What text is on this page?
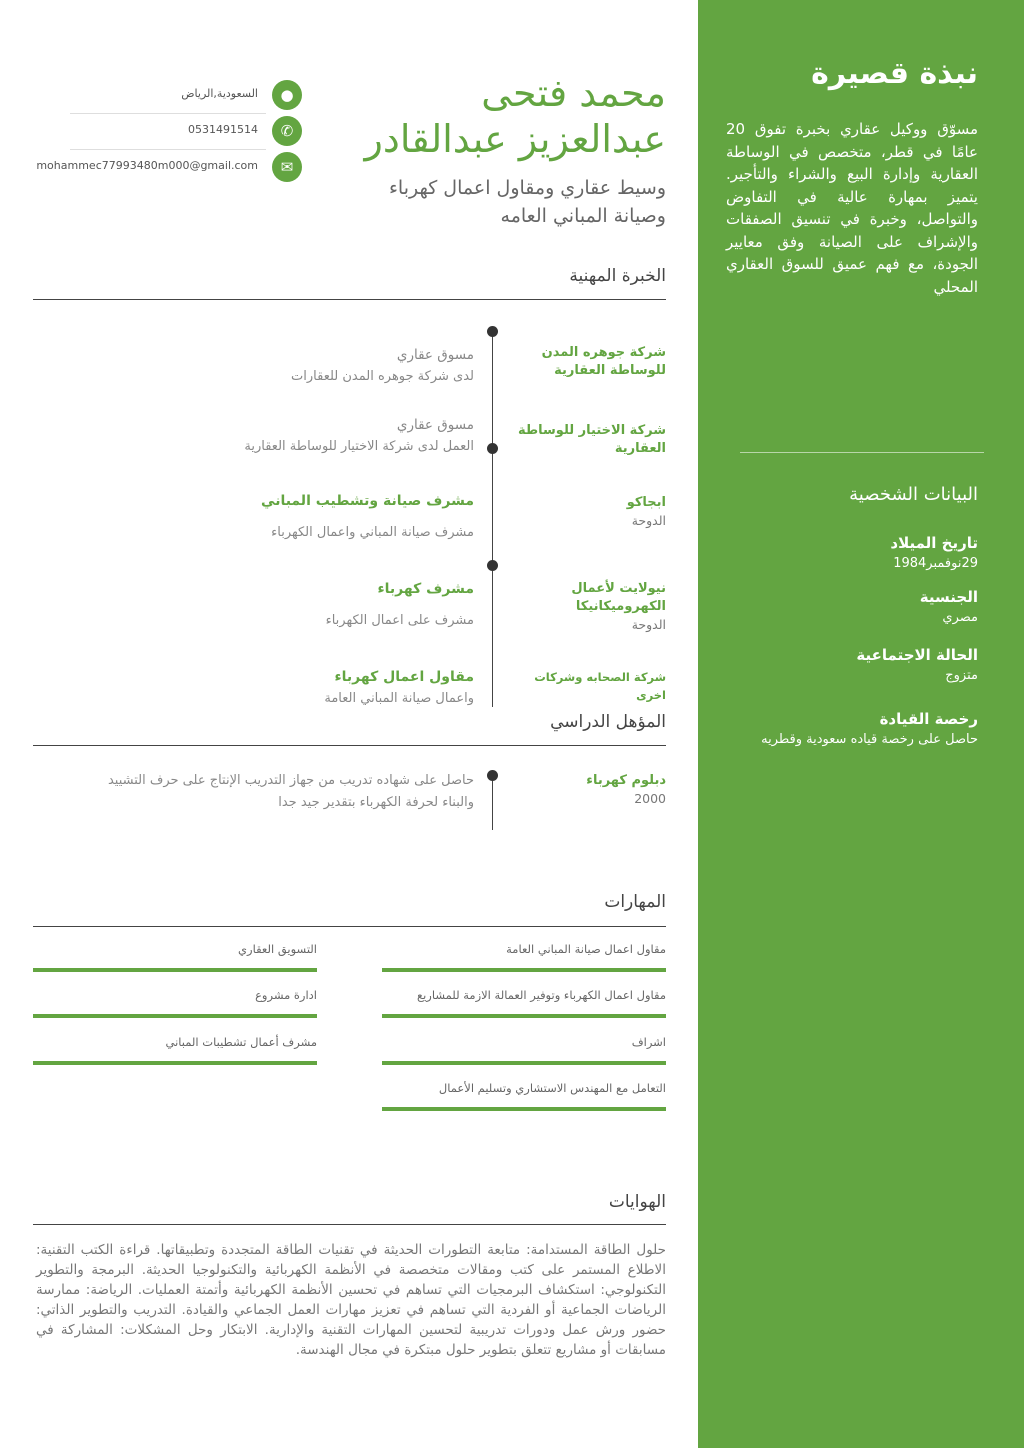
نبذة قصيرة
مسوّق ووكيل عقاري بخبرة تفوق 20 عامًا في قطر، متخصص في الوساطة العقارية وإدارة البيع والشراء والتأجير. يتميز بمهارة عالية في التفاوض والتواصل، وخبرة في تنسيق الصفقات والإشراف على الصيانة وفق معايير الجودة، مع فهم عميق للسوق العقاري المحلي
البيانات الشخصية
تاريخ الميلاد
29نوفمبر1984
الجنسية
مصري
الحالة الاجتماعية
متزوج
رخصة القيادة
حاصل على رخصة قياده سعودية وقطريه
محمد فتحى
عبدالعزيز عبدالقادر
وسيط عقاري ومقاول اعمال كهرباء
وصيانة المباني العامه
●
السعودية,الرياض
✆
0531491514
✉
mohammec77993480m000@gmail.com
الخبرة المهنية
شركة جوهره المدن للوساطة العقارية
مسوق عقاري
لدى شركة جوهره المدن للعقارات
شركة الاختيار للوساطة العقارية
مسوق عقاري
العمل لدى شركة الاختيار للوساطة العقارية
ابجاكو
الدوحة
مشرف صيانة وتشطيب المباني
مشرف صيانة المباني واعمال الكهرباء
نيولايت لأعمال الكهروميكانيكا
الدوحة
مشرف كهرباء
مشرف على اعمال الكهرباء
شركة الصحابه وشركات اخرى
مقاول اعمال كهرباء
واعمال صيانة المباني العامة
المؤهل الدراسي
دبلوم كهرباء
2000
حاصل على شهاده تدريب من جهاز التدريب الإنتاج على حرف التشييد
والبناء لحرفة الكهرباء بتقدير جيد جدا
المهارات
مقاول اعمال صيانة المباني العامة
مقاول اعمال الكهرباء وتوفير العمالة الازمة للمشاريع
اشراف
التعامل مع المهندس الاستشاري وتسليم الأعمال
التسويق العقاري
ادارة مشروع
مشرف أعمال تشطيبات المباني
الهوايات
حلول الطاقة المستدامة: متابعة التطورات الحديثة في تقنيات الطاقة المتجددة وتطبيقاتها. قراءة الكتب التقنية: الاطلاع المستمر على كتب ومقالات متخصصة في الأنظمة الكهربائية والتكنولوجيا الحديثة. البرمجة والتطوير التكنولوجي: استكشاف البرمجيات التي تساهم في تحسين الأنظمة الكهربائية وأتمتة العمليات. الرياضة: ممارسة الرياضات الجماعية أو الفردية التي تساهم في تعزيز مهارات العمل الجماعي والقيادة. التدريب والتطوير الذاتي: حضور ورش عمل ودورات تدريبية لتحسين المهارات التقنية والإدارية. الابتكار وحل المشكلات: المشاركة في مسابقات أو مشاريع تتعلق بتطوير حلول مبتكرة في مجال الهندسة.
